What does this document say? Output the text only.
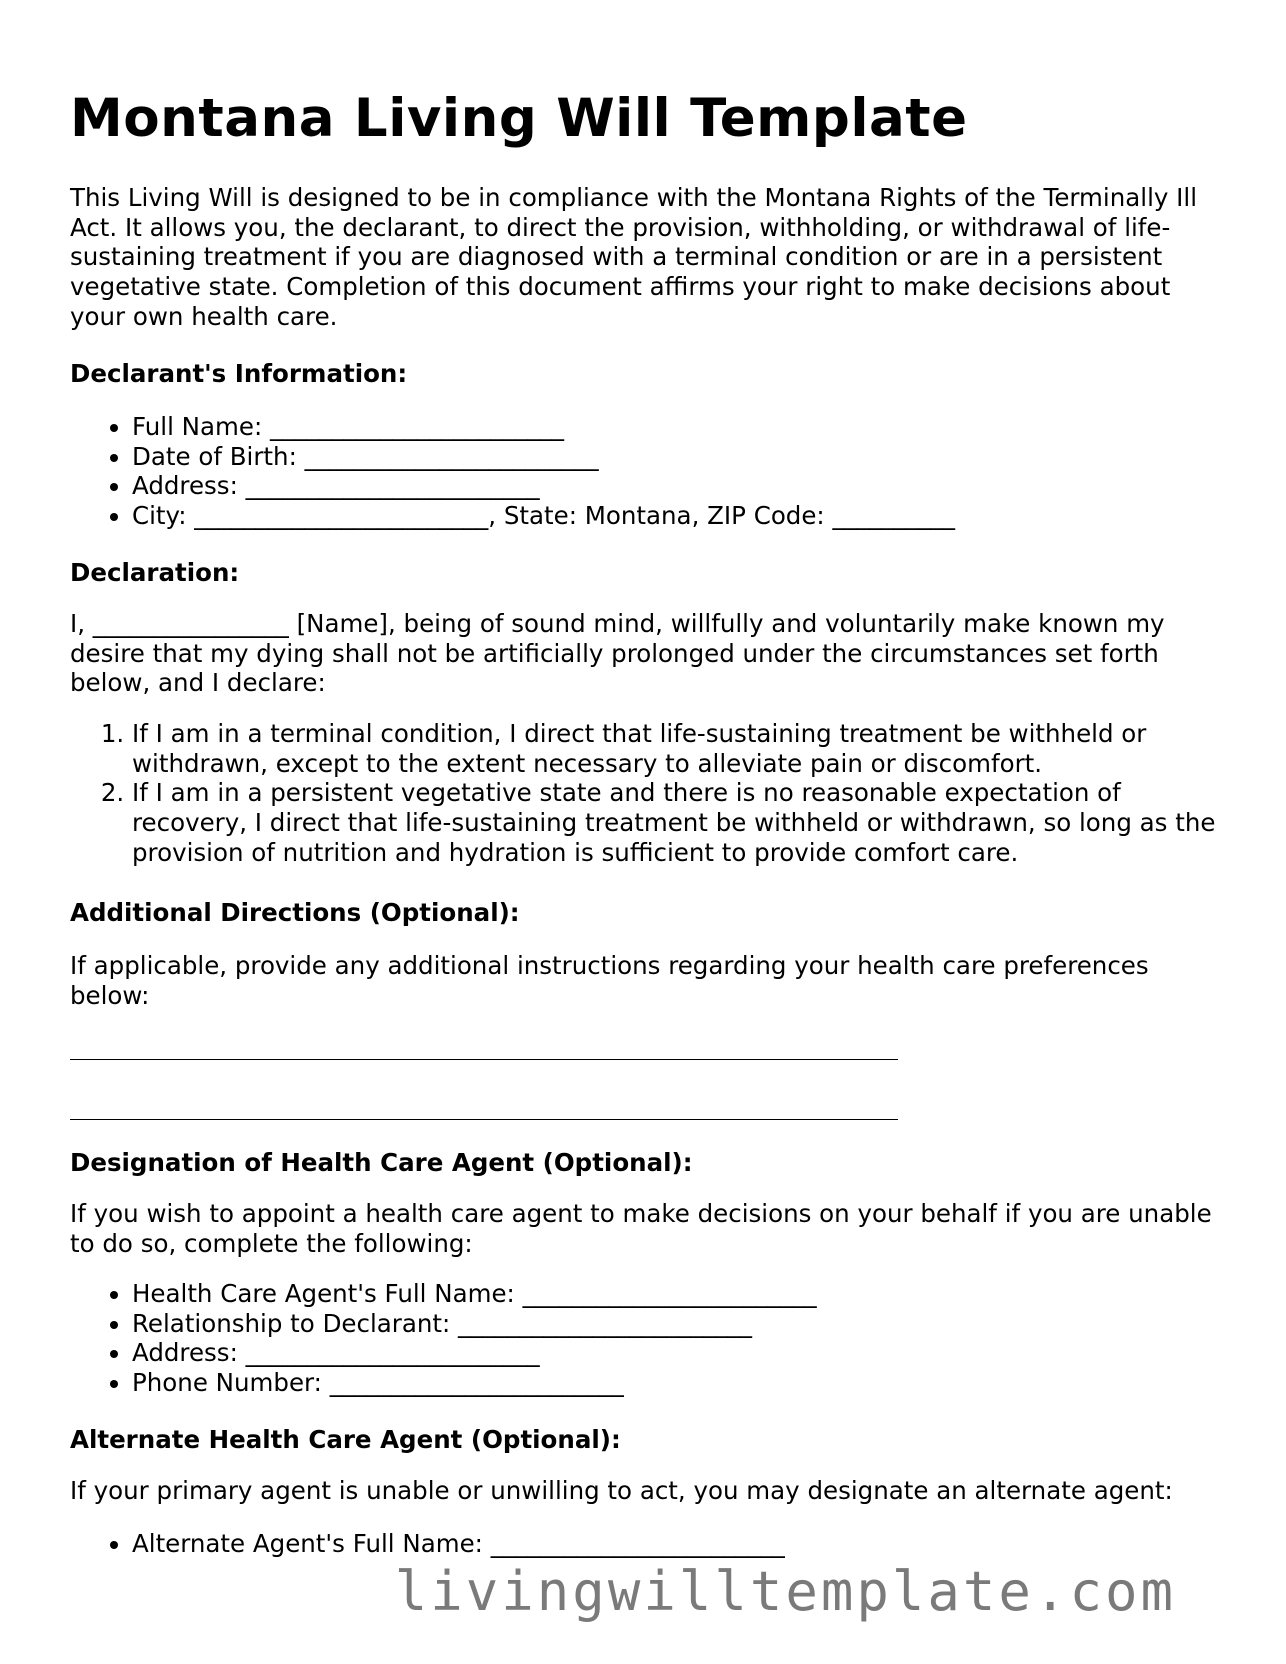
Montana Living Will Template

This Living Will is designed to be in compliance with the Montana Rights of the Terminally Ill Act. It allows you, the declarant, to direct the provision, withholding, or withdrawal of life-sustaining treatment if you are diagnosed with a terminal condition or are in a persistent vegetative state. Completion of this document affirms your right to make decisions about your own health care.

Declarant's Information:
• Full Name: ________________________
• Date of Birth: ________________________
• Address: ________________________
• City: ________________________, State: Montana, ZIP Code: __________
Declaration:

I, ________________ [Name], being of sound mind, willfully and voluntarily make known my desire that my dying shall not be artificially prolonged under the circumstances set forth below, and I declare:

1. If I am in a terminal condition, I direct that life-sustaining treatment be withheld or withdrawn, except to the extent necessary to alleviate pain or discomfort.
2. If I am in a persistent vegetative state and there is no reasonable expectation of recovery, I direct that life-sustaining treatment be withheld or withdrawn, so long as the provision of nutrition and hydration is sufficient to provide comfort care.
Additional Directions (Optional):

If applicable, provide any additional instructions regarding your health care preferences below:

Designation of Health Care Agent (Optional):

If you wish to appoint a health care agent to make decisions on your behalf if you are unable to do so, complete the following:

• Health Care Agent's Full Name: ________________________
• Relationship to Declarant: ________________________
• Address: ________________________
• Phone Number: ________________________
Alternate Health Care Agent (Optional):

If your primary agent is unable or unwilling to act, you may designate an alternate agent:

• Alternate Agent's Full Name: ________________________
livingwilltemplate.com
